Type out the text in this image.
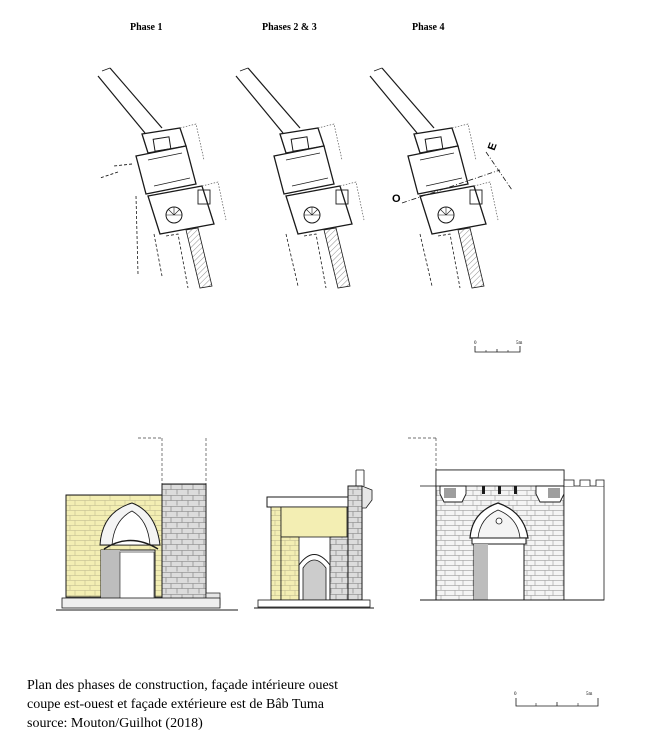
Phase 1	Phases 2 & 3	Phase 4
O
E
0	5m
0	5m
Plan des phases de construction, façade intérieure ouest
coupe est-ouest et façade extérieure est de Bâb Tuma
source: Mouton/Guilhot (2018)
